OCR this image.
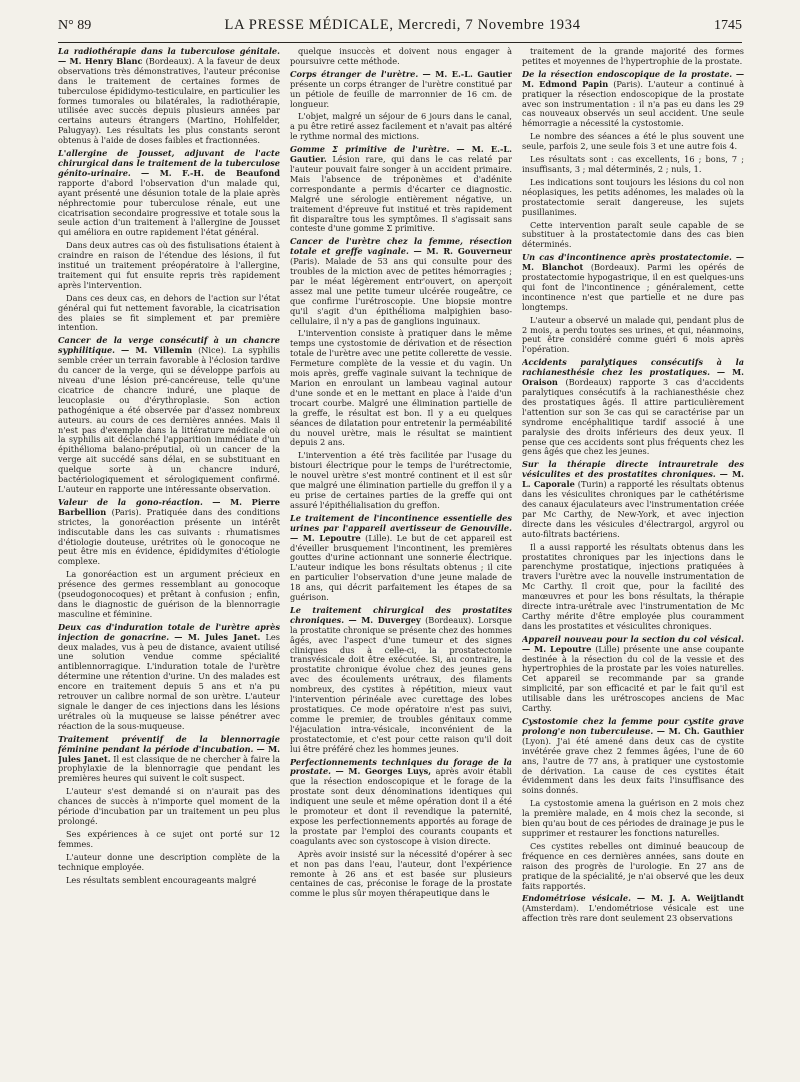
N° 89	LA PRESSE MÉDICALE, Mercredi, 7 Novembre 1934	1745

La radiothérapie dans la tuberculose génitale. — M. Henry Blanc (Bordeaux). A la faveur de deux observations très démonstratives, l'auteur préconise dans le traitement de certaines formes de tuberculose épididymo-testiculaire, en particulier les formes tumorales ou bilatérales, la radiothérapie, utilisée avec succès depuis plusieurs années par certains auteurs étrangers (Martino, Hohlfelder, Palugyay). Les résultats les plus constants seront obtenus à l'aide de doses faibles et fractionnées.

L'allergine de Jousset, adjuvant de l'acte chirurgical dans le traitement de la tuberculose génito-urinaire. — M. F.-H. de Beaufond rapporte d'abord l'observation d'un malade qui, ayant présenté une désunion totale de la plaie après néphrectomie pour tuberculose rénale, eut une cicatrisation secondaire progressive et totale sous la seule action d'un traitement à l'allergine de Jousset qui améliora en outre rapidement l'état général.

Dans deux autres cas où des fistulisations étaient à craindre en raison de l'étendue des lésions, il fut institué un traitement préopératoire à l'allergine, traitement qui fut ensuite repris très rapidement après l'intervention.

Dans ces deux cas, en dehors de l'action sur l'état général qui fut nettement favorable, la cicatrisation des plaies se fit simplement et par première intention.

Cancer de la verge consécutif à un chancre syphilitique. — M. Villemin (Nice). La syphilis semble créer un terrain favorable à l'éclosion tardive du cancer de la verge, qui se développe parfois au niveau d'une lésion pré-cancéreuse, telle qu'une cicatrice de chancre induré, une plaque de leucoplasie ou d'érythroplasie. Son action pathogénique a été observée par d'assez nombreux auteurs. au cours de ces dernières années. Mais il n'est pas d'exemple dans la littérature médicale où la syphilis ait déclanché l'apparition immédiate d'un épithélioma balano-préputial, où un cancer de la verge ait succédé sans délai, en se substituant en quelque sorte à un chancre induré, bactériologiquement et sérologiquement confirmé. L'auteur en rapporte une intéressante observation.

Valeur de la gono-réaction. — M. Pierre Barbellion (Paris). Pratiquée dans des conditions strictes, la gonoréaction présente un intérêt indiscutable dans les cas suivants : rhumatismes d'étiologie douteuse, urétrites où le gonocoque ne peut être mis en évidence, épididymites d'étiologie complexe.

La gonoréaction est un argument précieux en présence des germes ressemblant au gonocoque (pseudogonocoques) et prêtant à confusion ; enfin, dans le diagnostic de guérison de la blennorragie masculine et féminine.

Deux cas d'induration totale de l'urètre après injection de gonacrine. — M. Jules Janet. Les deux malades, vus à peu de distance, avaient utilisé une solution vendue comme spécialité antiblennorragique. L'induration totale de l'urètre détermine une rétention d'urine. Un des malades est encore en traitement depuis 5 ans et n'a pu retrouver un calibre normal de son urètre. L'auteur signale le danger de ces injections dans les lésions urétrales où la muqueuse se laisse pénétrer avec réaction de la sous-muqueuse.

Traitement préventif de la blennorragie féminine pendant la période d'incubation. — M. Jules Janet. Il est classique de ne chercher à faire la prophylaxie de la blennorragie que pendant les premières heures qui suivent le coït suspect.

L'auteur s'est demandé si on n'aurait pas des chances de succès à n'importe quel moment de la période d'incubation par un traitement un peu plus prolongé.

Ses expériences à ce sujet ont porté sur 12 femmes.

L'auteur donne une description complète de la technique employée.

Les résultats semblent encourageants malgré

quelque insuccès et doivent nous engager à poursuivre cette méthode.

Corps étranger de l'urètre. — M. E.-L. Gautier présente un corps étranger de l'urètre constitué par un pétiole de feuille de marronnier de 16 cm. de longueur.

L'objet, malgré un séjour de 6 jours dans le canal, a pu être retiré assez facilement et n'avait pas altéré le rythme normal des mictions.

Gomme Σ primitive de l'urètre. — M. E.-L. Gautier. Lésion rare, qui dans le cas relaté par l'auteur pouvait faire songer à un accident primaire. Mais l'absence de tréponèmes et d'adénite correspondante a permis d'écarter ce diagnostic. Malgré une sérologie entièrement négative, un traitement d'épreuve fut institué et très rapidement fit disparaître tous les symptômes. Il s'agissait sans conteste d'une gomme Σ primitive.

Cancer de l'urètre chez la femme, résection totale et greffe vaginale. — M. R. Gouverneur (Paris). Malade de 53 ans qui consulte pour des troubles de la miction avec de petites hémorragies ; par le méat légèrement entr'ouvert, on aperçoit assez mal une petite tumeur ulcérée rougeâtre, ce que confirme l'urétroscopie. Une biopsie montre qu'il s'agit d'un épithélioma malpighien baso-cellulaire, il n'y a pas de ganglions inguinaux.

L'intervention consiste à pratiquer dans le même temps une cystostomie de dérivation et de résection totale de l'urètre avec une petite collerette de vessie. Fermeture complète de la vessie et du vagin. Un mois après, greffe vaginale suivant la technique de Marion en enroulant un lambeau vaginal autour d'une sonde et en le mettant en place à l'aide d'un trocart courbe. Malgré une élimination partielle de la greffe, le résultat est bon. Il y a eu quelques séances de dilatation pour entretenir la perméabilité du nouvel urètre, mais le résultat se maintient depuis 2 ans.

L'intervention a été très facilitée par l'usage du bistouri électrique pour le temps de l'urétrectomie, le nouvel urètre s'est montré continent et il est sûr que malgré une élimination partielle du greffon il y a eu prise de certaines parties de la greffe qui ont assuré l'épithélialisation du greffon.

Le traitement de l'incontinence essentielle des urines par l'appareil avertisseur de Genouville. — M. Lepoutre (Lille). Le but de cet appareil est d'éveiller brusquement l'incontinent, les premières gouttes d'urine actionnant une sonnerie électrique. L'auteur indique les bons résultats obtenus ; il cite en particulier l'observation d'une jeune malade de 18 ans, qui décrit parfaitement les étapes de sa guérison.

Le traitement chirurgical des prostatites chroniques. — M. Duvergey (Bordeaux). Lorsque la prostatite chronique se présente chez des hommes âgés, avec l'aspect d'une tumeur et des signes cliniques dus à celle-ci, la prostatectomie transvésicale doit être exécutée. Si, au contraire, la prostatite chronique évolue chez des jeunes gens avec des écoulements urétraux, des filaments nombreux, des cystites à répétition, mieux vaut l'intervention périnéale avec curettage des lobes prostatiques. Ce mode opératoire n'est pas suivi, comme le premier, de troubles génitaux comme l'éjaculation intra-vésicale, inconvénient de la prostatectomie, et c'est pour cette raison qu'il doit lui être préféré chez les hommes jeunes.

Perfectionnements techniques du forage de la prostate. — M. Georges Luys, après avoir établi que la résection endoscopique et le forage de la prostate sont deux dénominations identiques qui indiquent une seule et même opération dont il a été le promoteur et dont il revendique la paternité, expose les perfectionnements apportés au forage de la prostate par l'emploi des courants coupants et coagulants avec son cystoscope à vision directe.

Après avoir insisté sur la nécessité d'opérer à sec et non pas dans l'eau, l'auteur, dont l'expérience remonte à 26 ans et est basée sur plusieurs centaines de cas, préconise le forage de la prostate comme le plus sûr moyen thérapeutique dans le

traitement de la grande majorité des formes petites et moyennes de l'hypertrophie de la prostate.

De la résection endoscopique de la prostate. — M. Edmond Papin (Paris). L'auteur a continué à pratiquer la résection endoscopique de la prostate avec son instrumentation : il n'a pas eu dans les 29 cas nouveaux observés un seul accident. Une seule hémorragie a nécessité la cystostomie.

Le nombre des séances a été le plus souvent une seule, parfois 2, une seule fois 3 et une autre fois 4.

Les résultats sont : cas excellents, 16 ; bons, 7 ; insuffisants, 3 ; mal déterminés, 2 ; nuls, 1.

Les indications sont toujours les lésions du col non néoplasiques, les petits adénomes, les malades où la prostatectomie serait dangereuse, les sujets pusillanimes.

Cette intervention paraît seule capable de se substituer à la prostatectomie dans des cas bien déterminés.

Un cas d'incontinence après prostatectomie. — M. Blanchot (Bordeaux). Parmi les opérés de prostatectomie hypogastrique, il en est quelques-uns qui font de l'incontinence ; généralement, cette incontinence n'est que partielle et ne dure pas longtemps.

L'auteur a observé un malade qui, pendant plus de 2 mois, a perdu toutes ses urines, et qui, néanmoins, peut être considéré comme guéri 6 mois après l'opération.

Accidents paralytiques consécutifs à la rachianesthésie chez les prostatiques. — M. Oraison (Bordeaux) rapporte 3 cas d'accidents paralytiques consécutifs à la rachianesthésie chez des prostatiques âgés. Il attire particulièrement l'attention sur son 3e cas qui se caractérise par un syndrome encéphalitique tardif associé à une paralysie des droits inférieurs des deux yeux. Il pense que ces accidents sont plus fréquents chez les gens âgés que chez les jeunes.

Sur la thérapie directe intrauretrale des vésiculites et des prostatites chroniques. — M. L. Caporale (Turin) a rapporté les résultats obtenus dans les vésiculites chroniques par le cathétérisme des canaux éjaculateurs avec l'instrumentation créée par Mc Carthy, de New-York, et avec injection directe dans les vésicules d'électrargol, argyrol ou auto-filtrats bactériens.

Il a aussi rapporté les résultats obtenus dans les prostatites chroniques par les injections dans le parenchyme prostatique, injections pratiquées à travers l'urètre avec la nouvelle instrumentation de Mc Carthy. Il croit que, pour la facilité des manœuvres et pour les bons résultats, la thérapie directe intra-urétrale avec l'instrumentation de Mc Carthy mérite d'être employée plus couramment dans les prostatites et vésiculites chroniques.

Appareil nouveau pour la section du col vésical. — M. Lepoutre (Lille) présente une anse coupante destinée à la résection du col de la vessie et des hypertrophies de la prostate par les voies naturelles. Cet appareil se recommande par sa grande simplicité, par son efficacité et par le fait qu'il est utilisable dans les urétroscopes anciens de Mac Carthy.

Cystostomie chez la femme pour cystite grave prolong'e non tuberculeuse. — M. Ch. Gauthier (Lyon). J'ai été amené dans deux cas de cystite invétérée grave chez 2 femmes âgées, l'une de 60 ans, l'autre de 77 ans, à pratiquer une cystostomie de dérivation. La cause de ces cystites était évidemment dans les deux faits l'insuffisance des soins donnés.

La cystostomie amena la guérison en 2 mois chez la première malade, en 4 mois chez la seconde, si bien qu'au bout de ces périodes de drainage je pus le supprimer et restaurer les fonctions naturelles.

Ces cystites rebelles ont diminué beaucoup de fréquence en ces dernières années, sans doute en raison des progrès de l'urologie. En 27 ans de pratique de la spécialité, je n'ai observé que les deux faits rapportés.

Endométriose vésicale. — M. J. A. Weijtlandt (Amsterdam). L'endométriose vésicale est une affection très rare dont seulement 23 observations
